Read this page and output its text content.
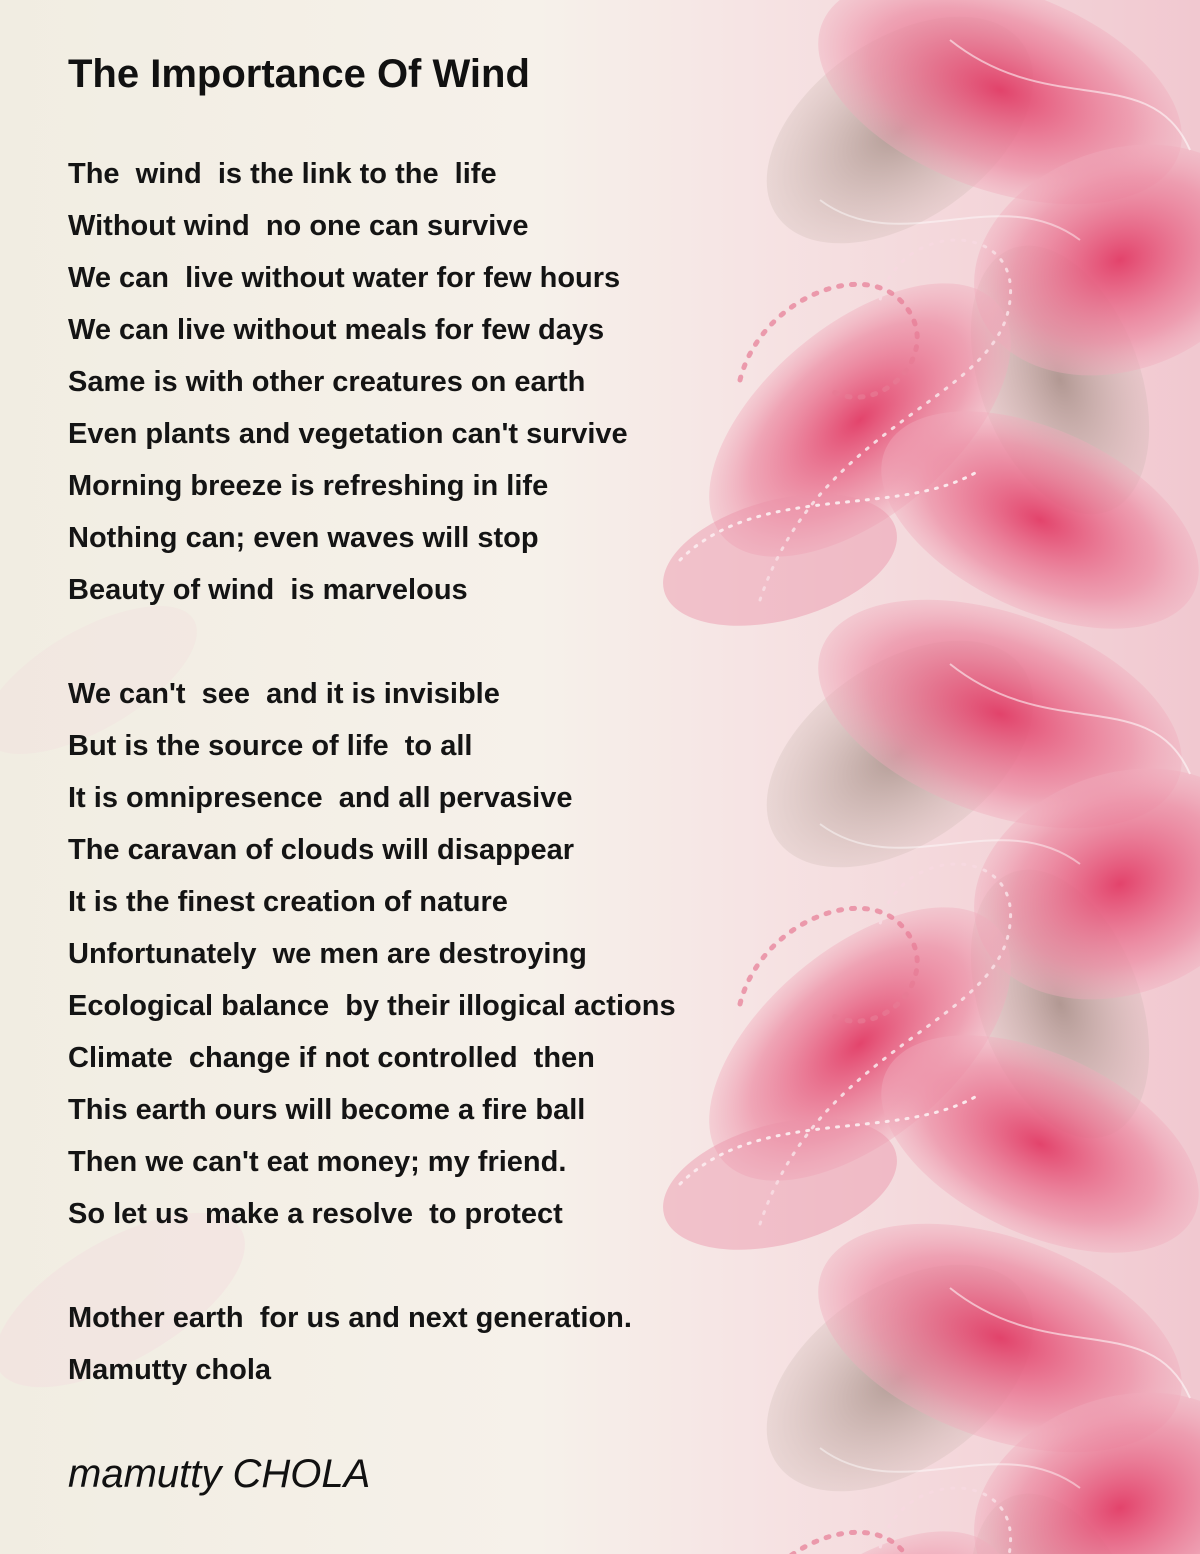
The Importance Of Wind
The  wind  is the link to the  life
Without wind  no one can survive
We can  live without water for few hours
We can live without meals for few days
Same is with other creatures on earth
Even plants and vegetation can't survive
Morning breeze is refreshing in life
Nothing can; even waves will stop
Beauty of wind  is marvelous
We can't  see  and it is invisible
But is the source of life  to all
It is omnipresence  and all pervasive
The caravan of clouds will disappear
It is the finest creation of nature
Unfortunately  we men are destroying
Ecological balance  by their illogical actions
Climate  change if not controlled  then
This earth ours will become a fire ball
Then we can't eat money; my friend.
So let us  make a resolve  to protect
Mother earth  for us and next generation.
Mamutty chola

mamutty CHOLA
